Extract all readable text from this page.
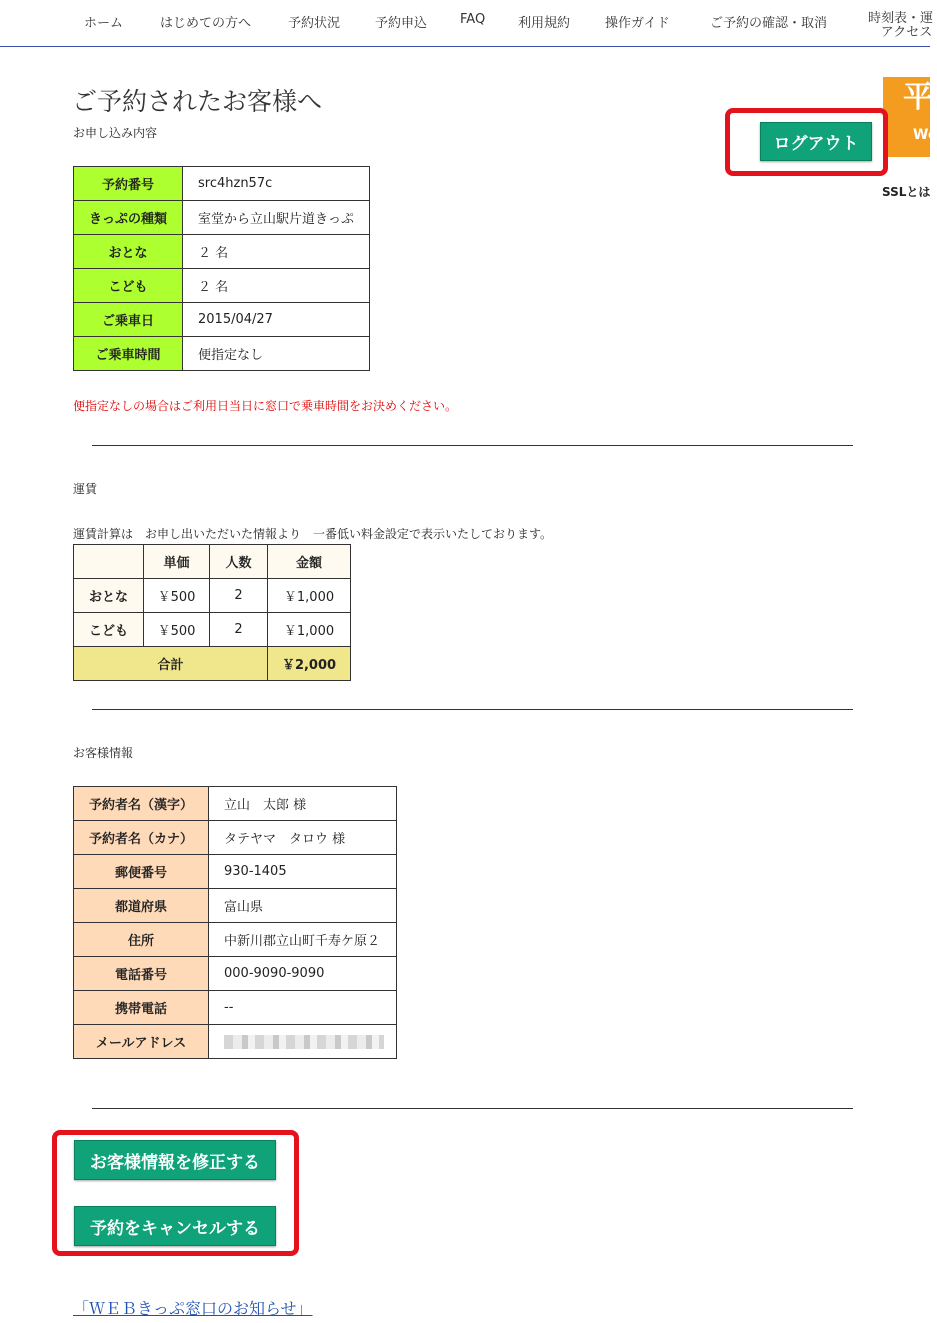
ホーム	はじめての方へ	予約状況	予約申込	FAQ	利用規約	操作ガイド	ご予約の確認・取消	時刻表・運
アクセス
ご予約されたお客様へ
お申し込み内容
平
We
SSLとは
ログアウト
予約番号	src4hzn57c
きっぷの種類	室堂から立山駅片道きっぷ
おとな	２ 名
こども	２ 名
ご乗車日	2015/04/27
ご乗車時間	便指定なし
便指定なしの場合はご利用日当日に窓口で乗車時間をお決めください。
運賃
運賃計算は　お申し出いただいた情報より　一番低い料金設定で表示いたしております。
	単価	人数	金額
おとな	￥500	2	￥1,000
こども	￥500	2	￥1,000
合計			￥2,000
お客様情報
予約者名（漢字）	立山　太郎 様
予約者名（カナ）	タテヤマ　タロウ 様
郵便番号	930-1405
都道府県	富山県
住所	中新川郡立山町千寿ケ原２
電話番号	000-9090-9090
携帯電話	--
メールアドレス	
お客様情報を修正する
予約をキャンセルする
「ＷＥＢきっぷ窓口のお知らせ」
